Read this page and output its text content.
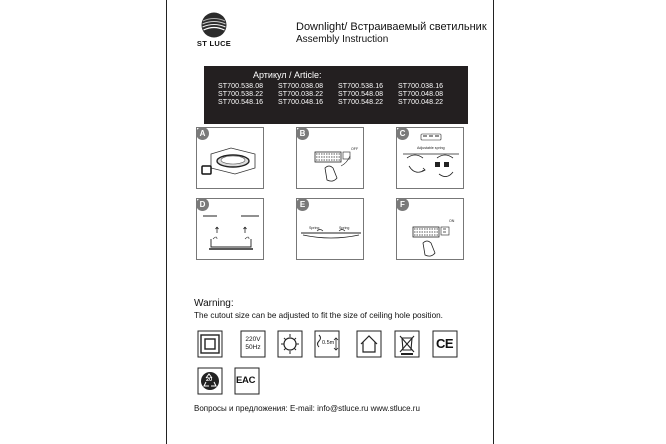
ST LUCE
Downlight/ Встраиваемый светильник
Assembly Instruction
Артикул / Article:
ST700.538.08	ST700.038.08	ST700.538.16	ST700.038.16
ST700.538.22	ST700.038.22	ST700.548.08	ST700.048.08
ST700.548.16	ST700.048.16	ST700.548.22	ST700.048.22
A
OFF
B
Adjustable spring
C
D
Spring	Spring
E
ON
F
Warning:
The cutout size can be adjusted to fit the size of ceiling hole position.
220V
50Hz
0.5m	CE
20	EAC
Вопросы и предложения: E-mail: info@stluce.ru www.stluce.ru
